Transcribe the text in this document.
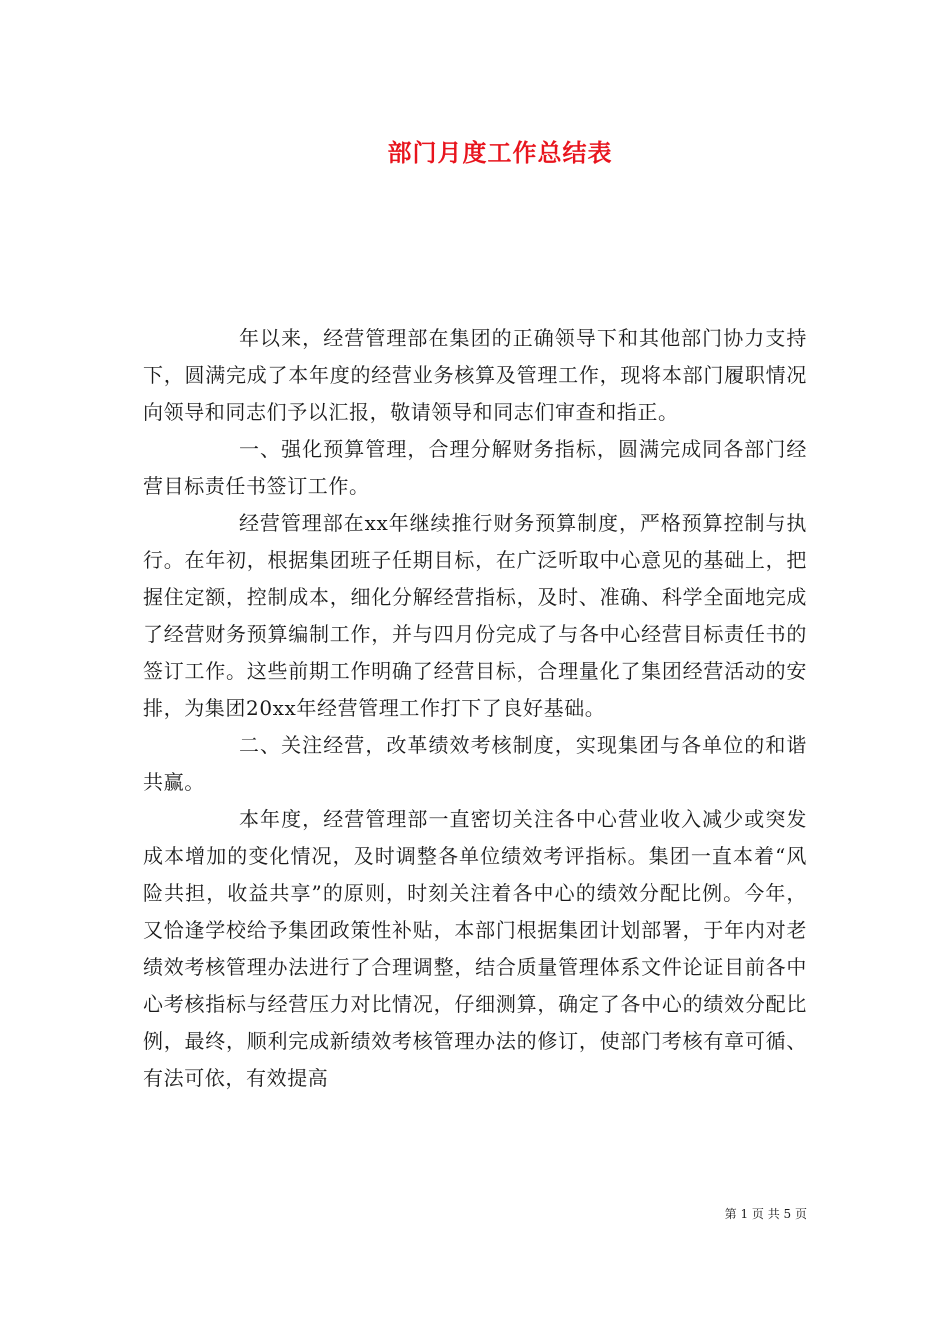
部门月度工作总结表

年以来，经营管理部在集团的正确领导下和其他部门协力支持下，圆满完成了本年度的经营业务核算及管理工作，现将本部门履职情况向领导和同志们予以汇报，敬请领导和同志们审查和指正。

一、强化预算管理，合理分解财务指标，圆满完成同各部门经营目标责任书签订工作。

经营管理部在xx年继续推行财务预算制度，严格预算控制与执行。在年初，根据集团班子任期目标，在广泛听取中心意见的基础上，把握住定额，控制成本，细化分解经营指标，及时、准确、科学全面地完成了经营财务预算编制工作，并与四月份完成了与各中心经营目标责任书的签订工作。这些前期工作明确了经营目标，合理量化了集团经营活动的安排，为集团20xx年经营管理工作打下了良好基础。

二、关注经营，改革绩效考核制度，实现集团与各单位的和谐共赢。

本年度，经营管理部一直密切关注各中心营业收入减少或突发成本增加的变化情况，及时调整各单位绩效考评指标。集团一直本着“风险共担，收益共享”的原则，时刻关注着各中心的绩效分配比例。今年，又恰逢学校给予集团政策性补贴，本部门根据集团计划部署，于年内对老绩效考核管理办法进行了合理调整，结合质量管理体系文件论证目前各中心考核指标与经营压力对比情况，仔细测算，确定了各中心的绩效分配比例，最终，顺利完成新绩效考核管理办法的修订，使部门考核有章可循、有法可依，有效提高

第 1 页 共 5 页
